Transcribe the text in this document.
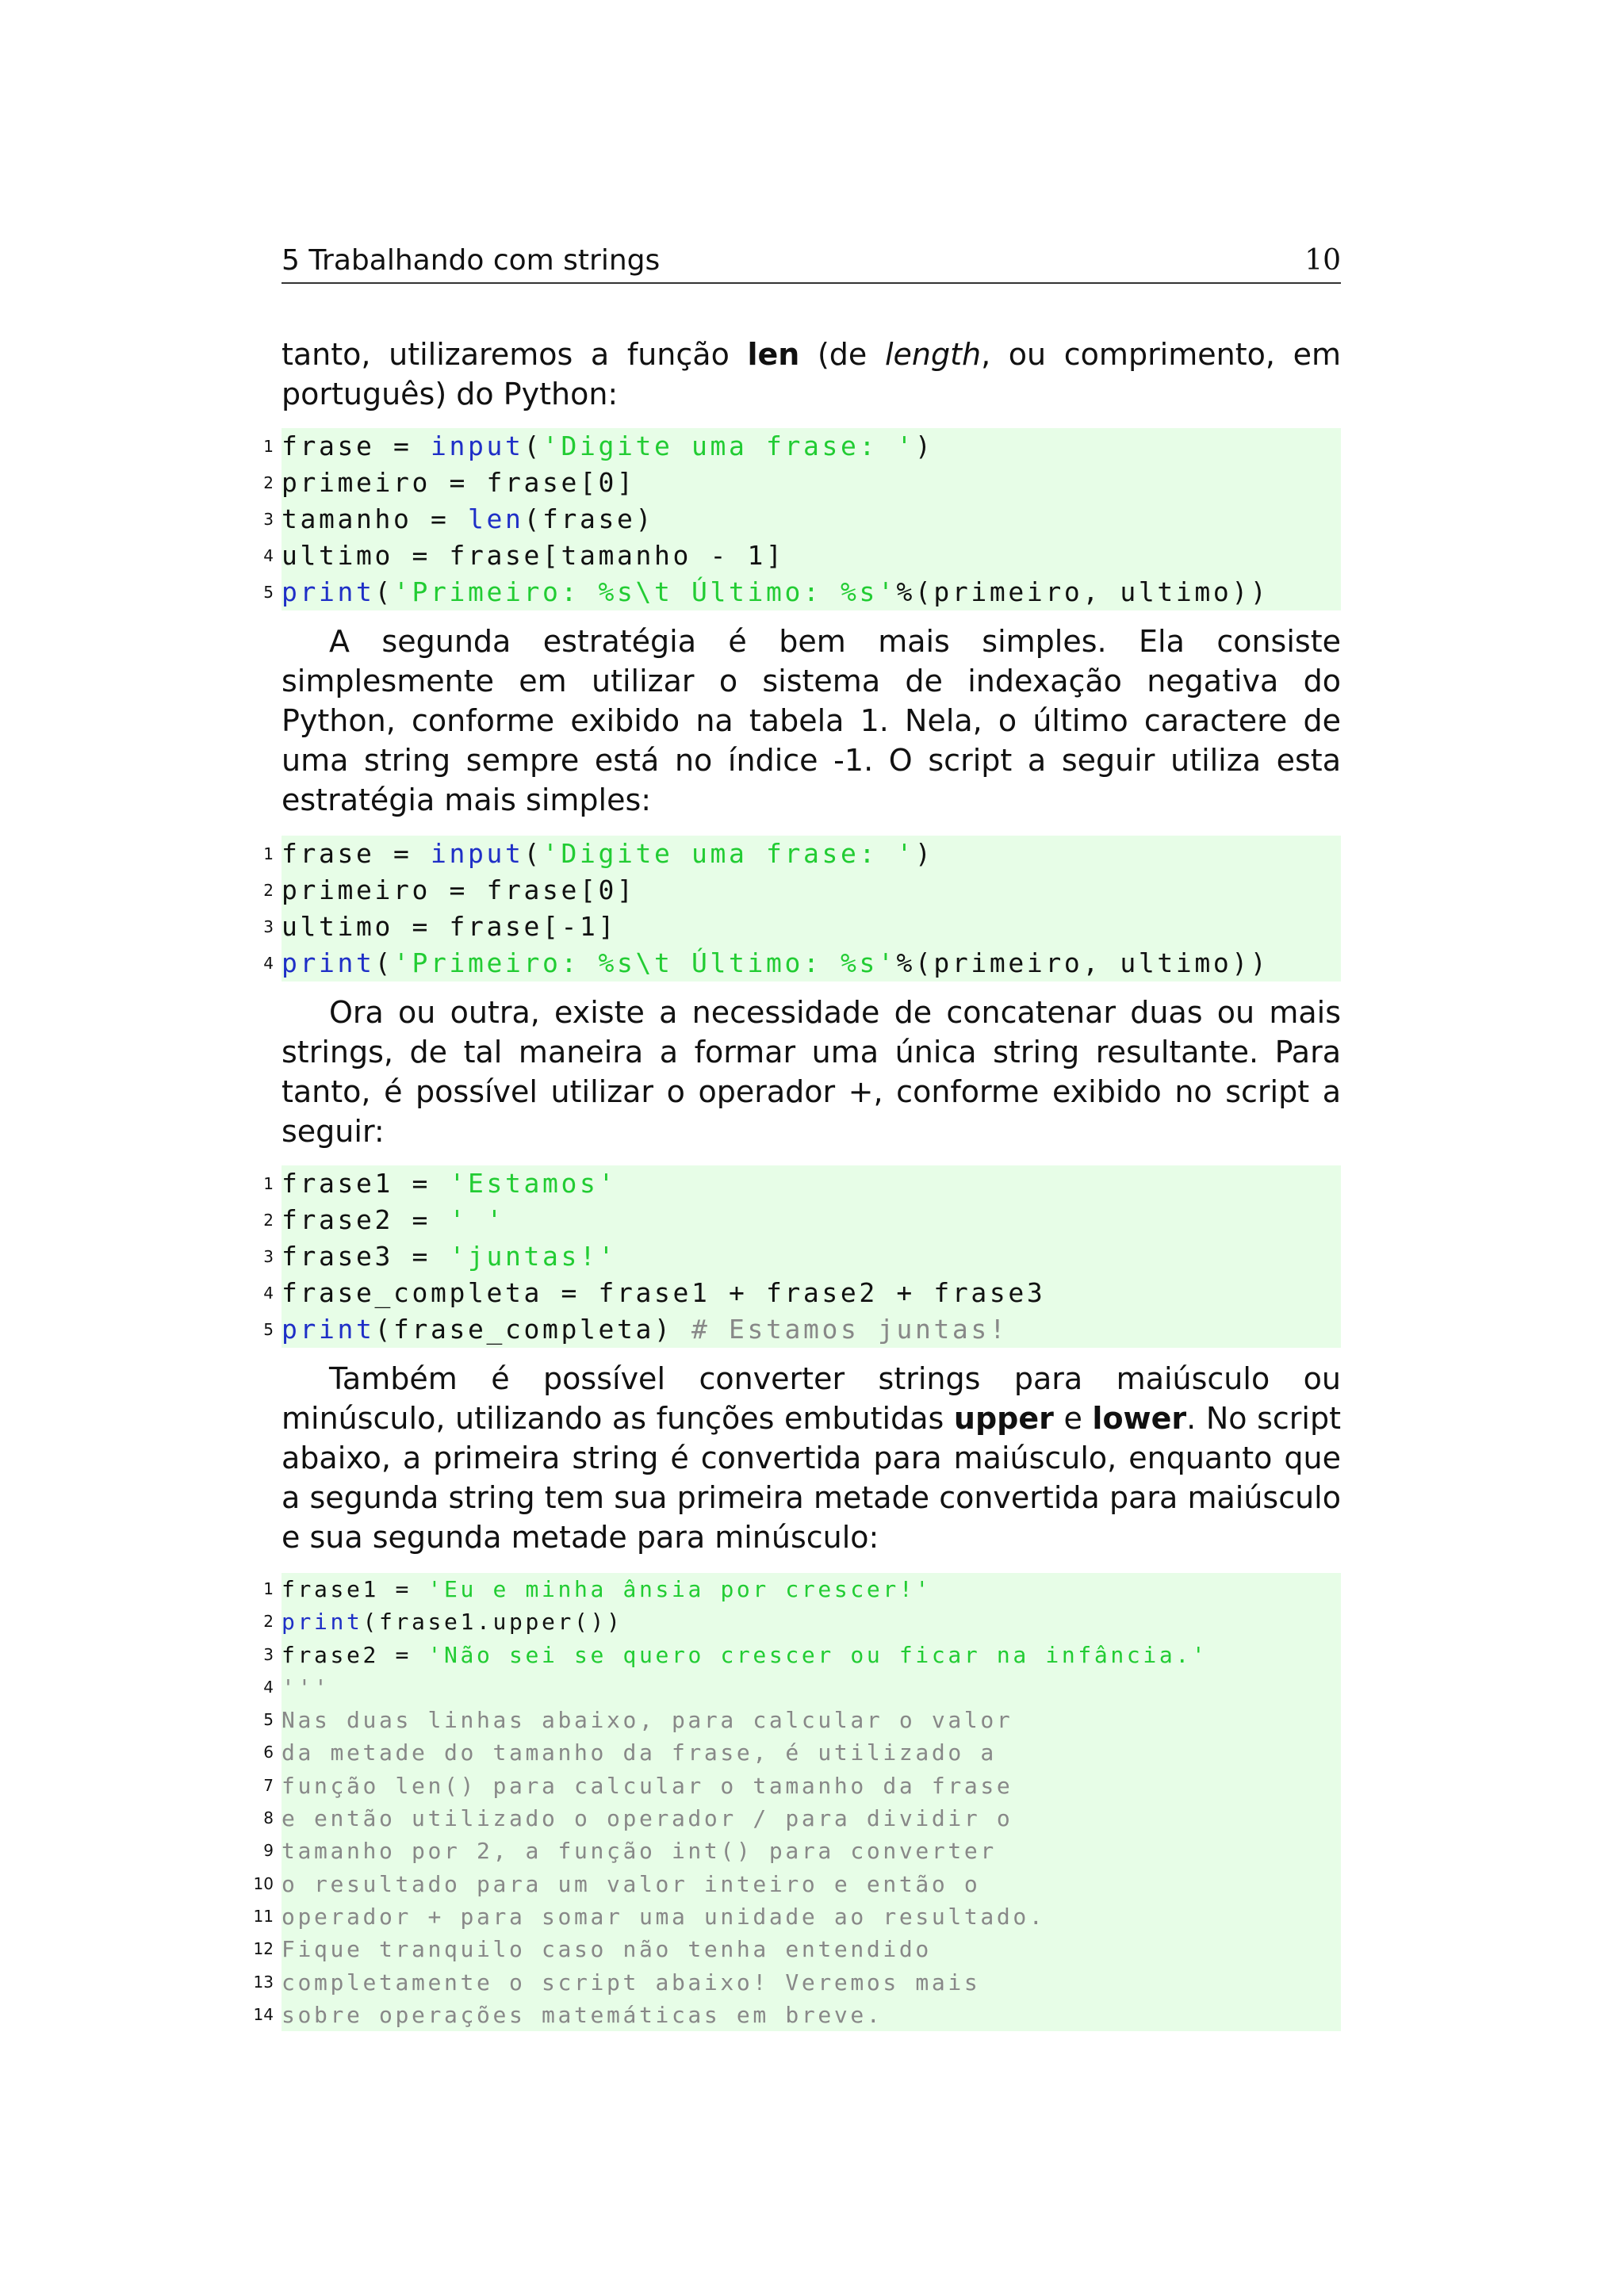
5 Trabalhando com strings	10

tanto, utilizaremos a função len (de length, ou comprimento, em português) do Python:

1 frase = input('Digite uma frase: ')
2 primeiro = frase[0]
3 tamanho = len(frase)
4 ultimo = frase[tamanho - 1]
5 print('Primeiro: %s\t Último: %s'%(primeiro, ultimo))

A segunda estratégia é bem mais simples. Ela consiste simplesmente em utilizar o sistema de indexação negativa do Python, conforme exibido na tabela 1. Nela, o último caractere de uma string sempre está no índice -1. O script a seguir utiliza esta estratégia mais simples:

1 frase = input('Digite uma frase: ')
2 primeiro = frase[0]
3 ultimo = frase[-1]
4 print('Primeiro: %s\t Último: %s'%(primeiro, ultimo))

Ora ou outra, existe a necessidade de concatenar duas ou mais strings, de tal maneira a formar uma única string resultante. Para tanto, é possível utilizar o operador +, conforme exibido no script a seguir:

1 frase1 = 'Estamos'
2 frase2 = ' '
3 frase3 = 'juntas!'
4 frase_completa = frase1 + frase2 + frase3
5 print(frase_completa) # Estamos juntas!

Também é possível converter strings para maiúsculo ou minúsculo, utilizando as funções embutidas upper e lower. No script abaixo, a primeira string é convertida para maiúsculo, enquanto que a segunda string tem sua primeira metade convertida para maiúsculo e sua segunda metade para minúsculo:

1 frase1 = 'Eu e minha ânsia por crescer!'
2 print(frase1.upper())
3 frase2 = 'Não sei se quero crescer ou ficar na infância.'
4 '''
5 Nas duas linhas abaixo, para calcular o valor
6 da metade do tamanho da frase, é utilizado a
7 função len() para calcular o tamanho da frase
8 e então utilizado o operador / para dividir o
9 tamanho por 2, a função int() para converter
10 o resultado para um valor inteiro e então o
11 operador + para somar uma unidade ao resultado.
12 Fique tranquilo caso não tenha entendido
13 completamente o script abaixo! Veremos mais
14 sobre operações matemáticas em breve.
